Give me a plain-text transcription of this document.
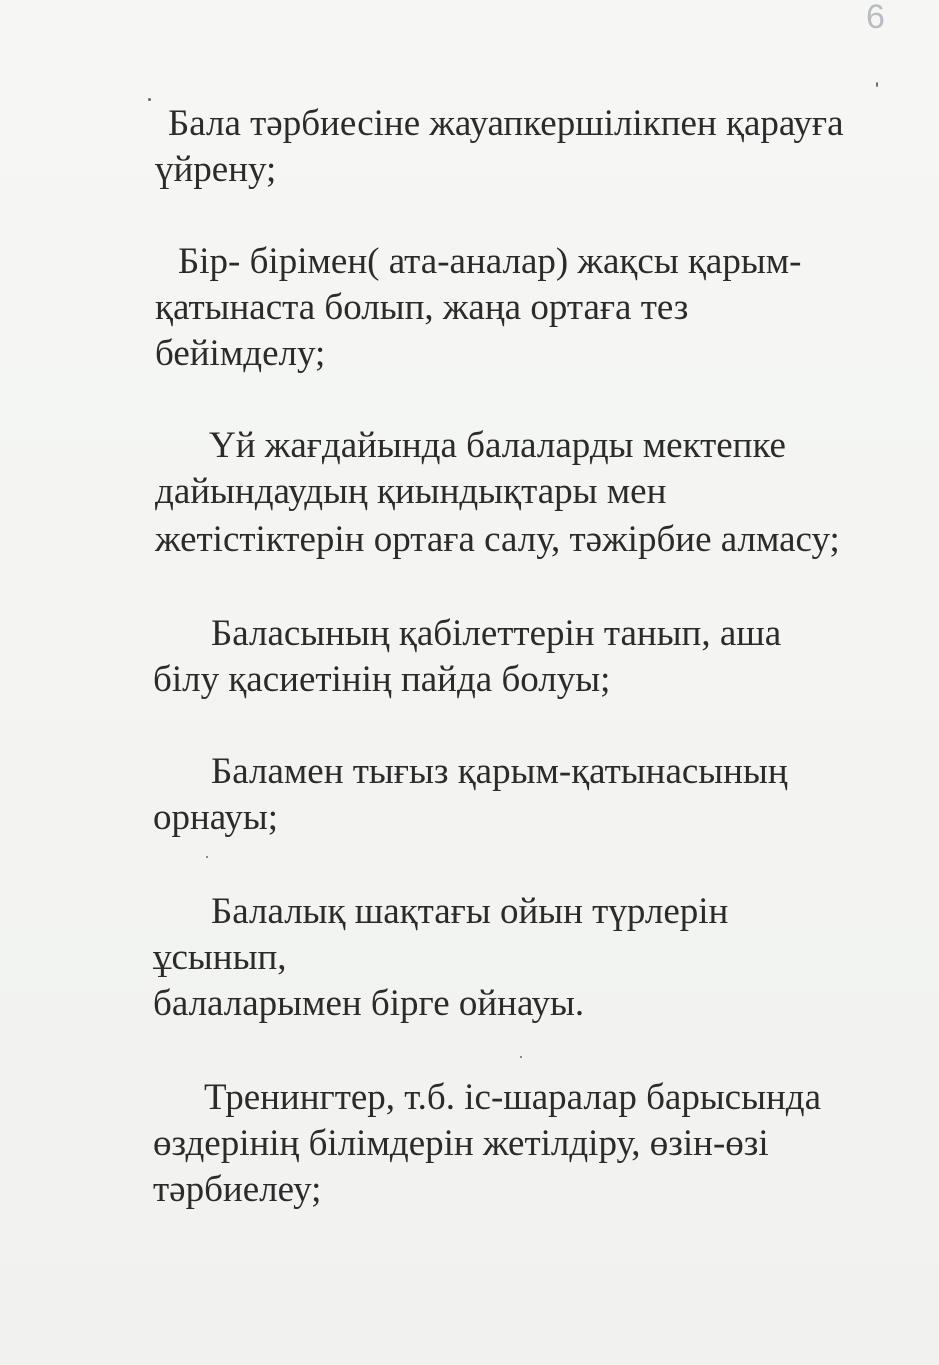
6
Бала тәрбиесіне жауапкершілікпен қарауға
үйрену;
Бір- бірімен( ата-аналар) жақсы қарым-
қатынаста болып, жаңа ортаға тез
бейімделу;
Үй жағдайында балаларды мектепке
дайындаудың қиындықтары мен
жетістіктерін ортаға салу, тәжірбие алмасу;
Баласының қабілеттерін танып, аша
білу қасиетінің пайда болуы;
Баламен тығыз қарым-қатынасының
орнауы;
Балалық шақтағы ойын түрлерін
ұсынып,
балаларымен бірге ойнауы.
Тренингтер, т.б. іс-шаралар барысында
өздерінің білімдерін жетілдіру, өзін-өзі
тәрбиелеу;
